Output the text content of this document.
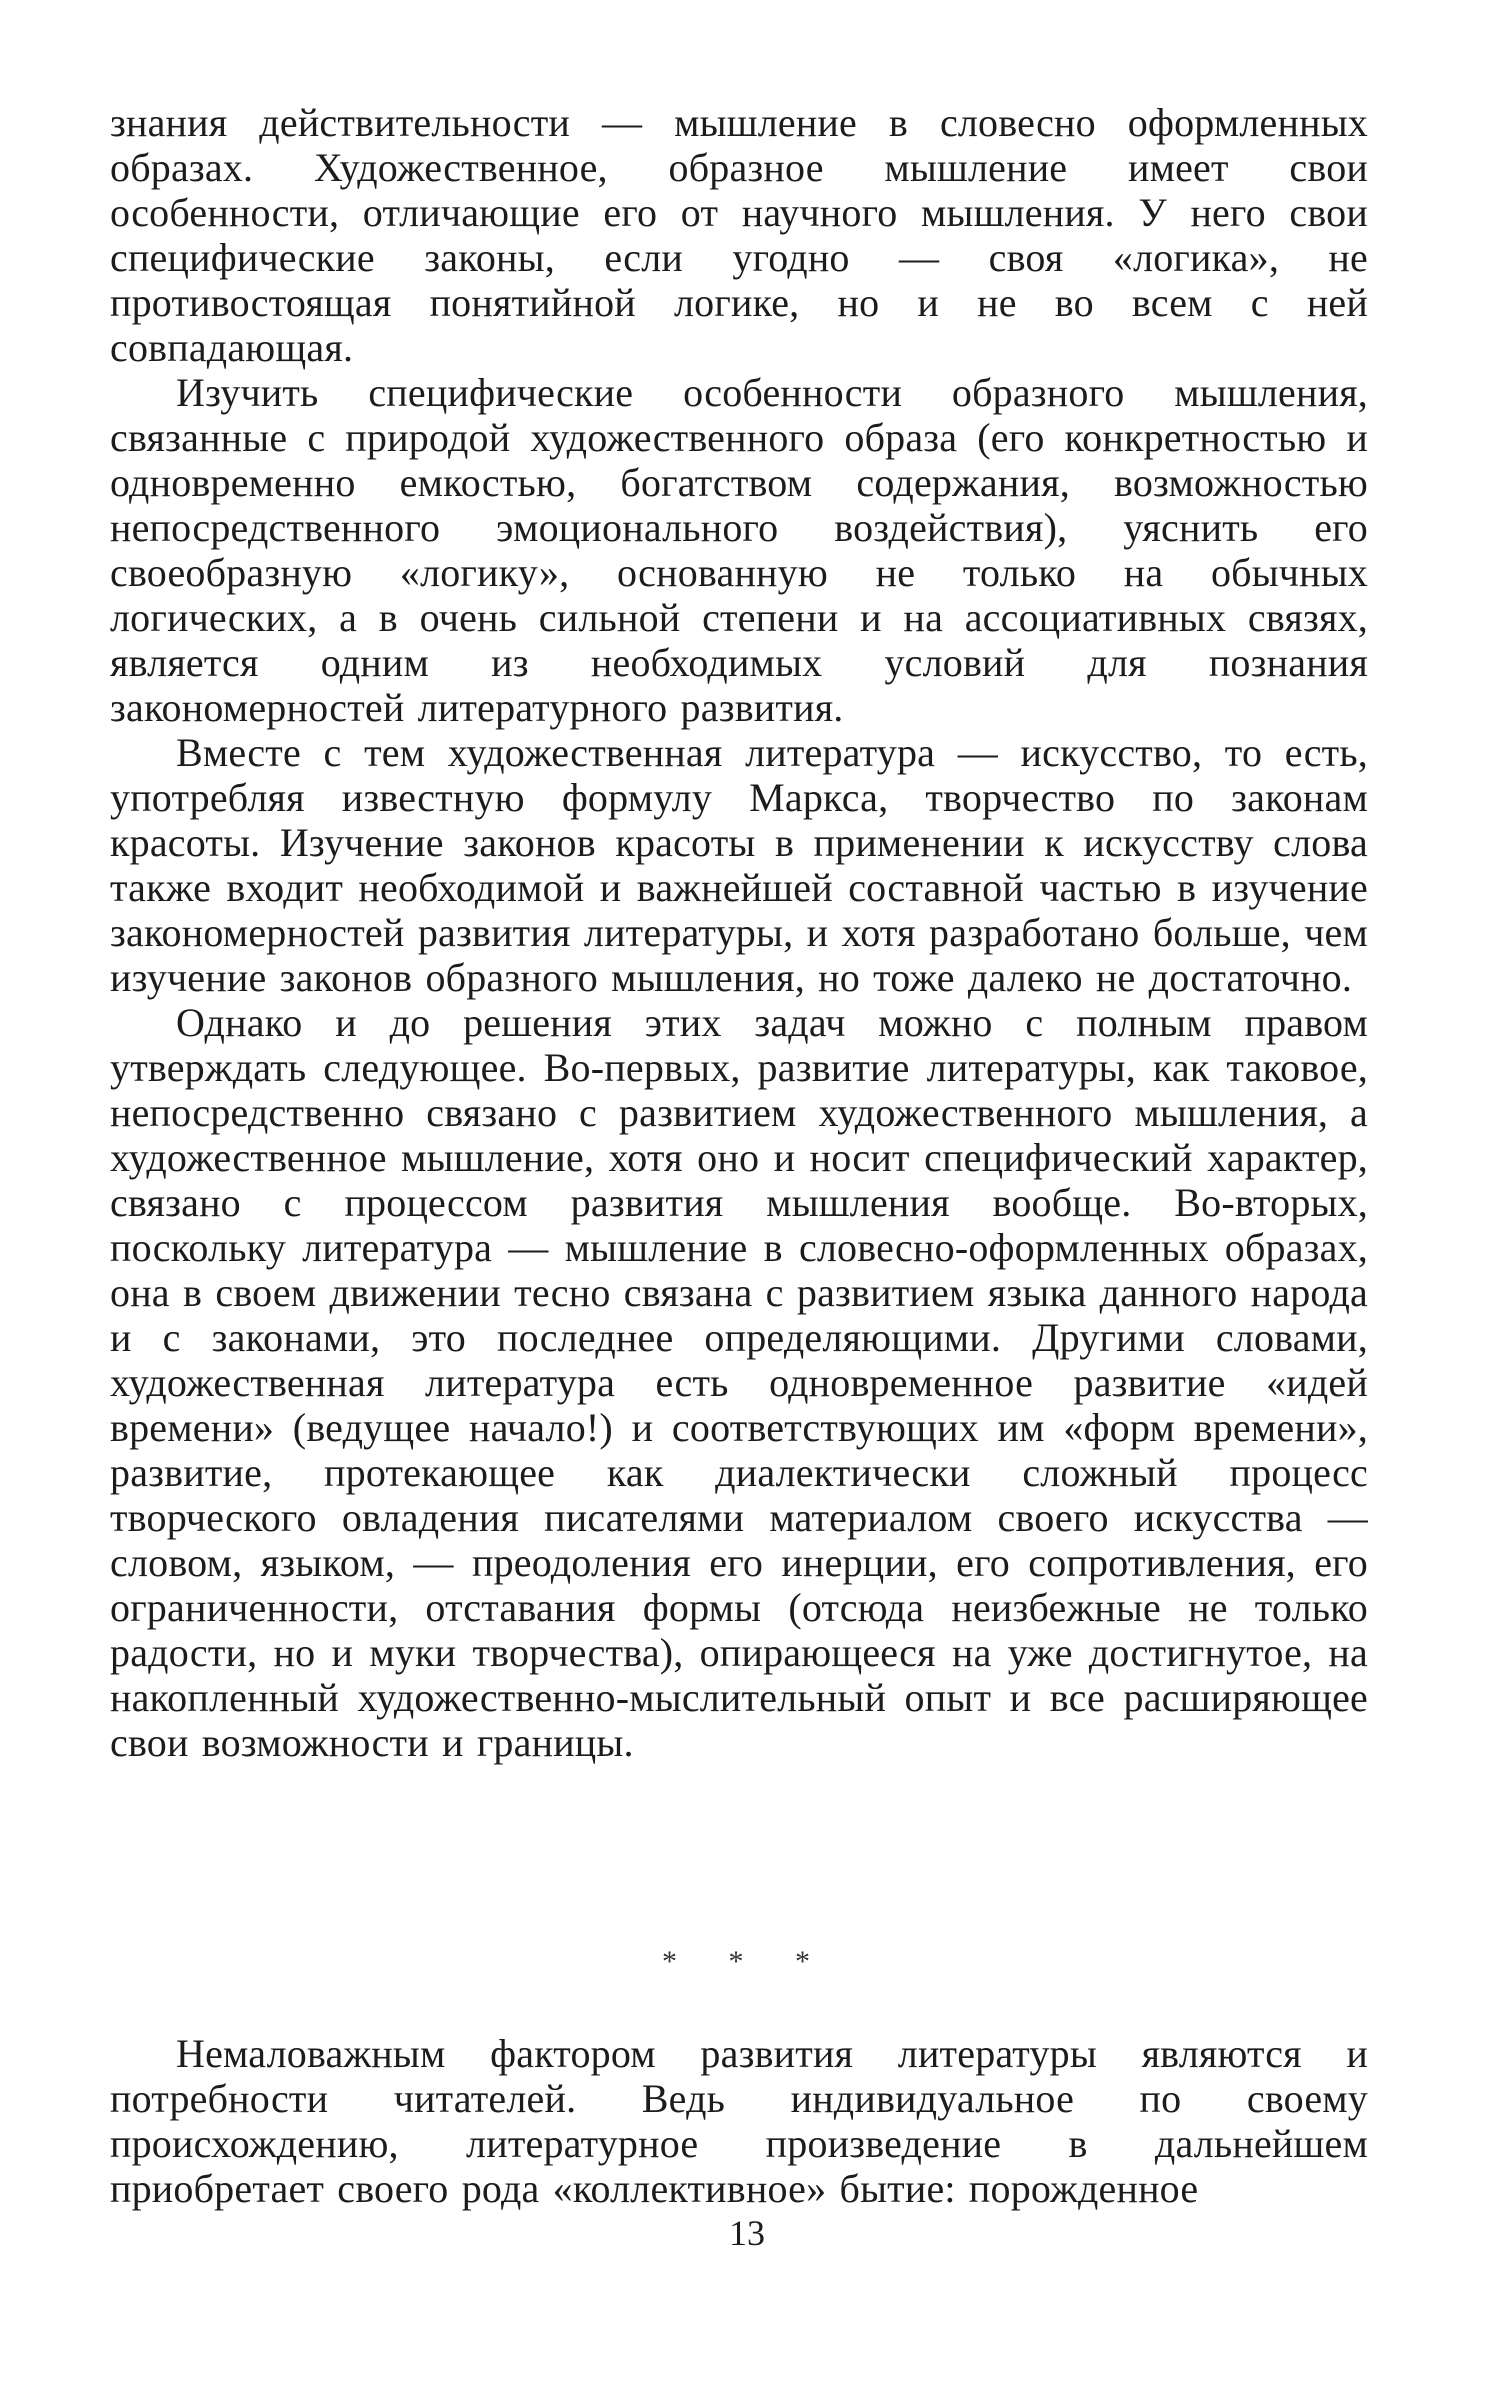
знания действительности — мышление в словесно оформленных образах. Художественное, образное мышление имеет свои особенности, отличающие его от научного мышления. У него свои специфические законы, если угодно — своя «логика», не противостоящая понятийной логике, но и не во всем с ней совпадающая.

Изучить специфические особенности образного мышления, связанные с природой художественного образа (его конкретностью и одновременно емкостью, богатством содержания, возможностью непосредственного эмоционального воздействия), уяснить его своеобразную «логику», основанную не только на обычных логических, а в очень сильной степени и на ассоциативных связях, является одним из необходимых условий для познания закономерностей литературного развития.

Вместе с тем художественная литература — искусство, то есть, употребляя известную формулу Маркса, творчество по законам красоты. Изучение законов красоты в применении к искусству слова также входит необходимой и важнейшей составной частью в изучение закономерностей развития литературы, и хотя разработано больше, чем изучение законов образного мышления, но тоже далеко не достаточно.

Однако и до решения этих задач можно с полным правом утверждать следующее. Во-первых, развитие литературы, как таковое, непосредственно связано с развитием художественного мышления, а художественное мышление, хотя оно и носит специфический характер, связано с процессом развития мышления вообще. Во-вторых, поскольку литература — мышление в словесно-оформленных образах, она в своем движении тесно связана с развитием языка данного народа и с законами, это последнее определяющими. Другими словами, художественная литература есть одновременное развитие «идей времени» (ведущее начало!) и соответствующих им «форм времени», развитие, протекающее как диалектически сложный процесс творческого овладения писателями материалом своего искусства — словом, языком, — преодоления его инерции, его сопротивления, его ограниченности, отставания формы (отсюда неизбежные не только радости, но и муки творчества), опирающееся на уже достигнутое, на накопленный художественно-мыслительный опыт и все расширяющее свои возможности и границы.

* * *

Немаловажным фактором развития литературы являются и потребности читателей. Ведь индивидуальное по своему происхождению, литературное произведение в дальнейшем приобретает своего рода «коллективное» бытие: порожденное

13
